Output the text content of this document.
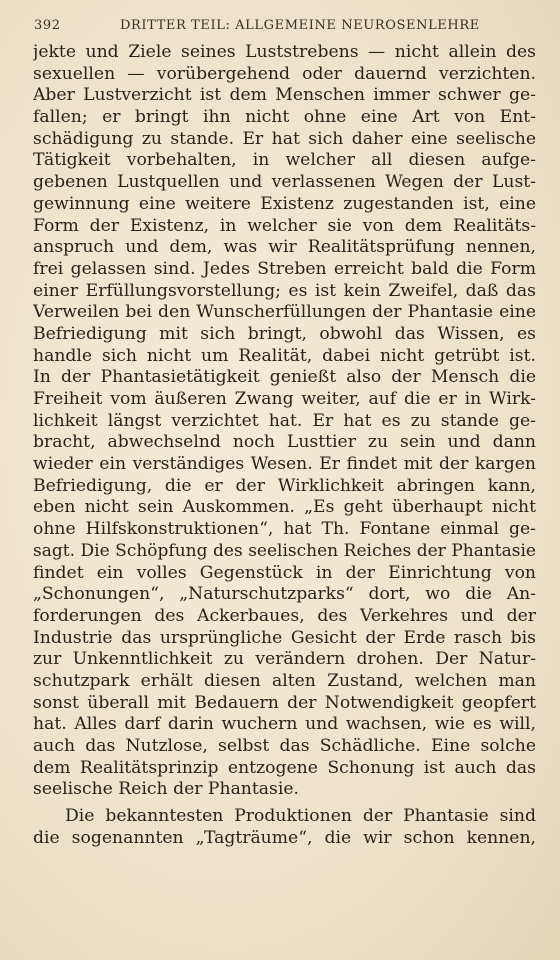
392	DRITTER TEIL: ALLGEMEINE NEUROSENLEHRE
jekte und Ziele seines Luststrebens — nicht allein des
sexuellen — vorübergehend oder dauernd verzichten.
Aber Lustverzicht ist dem Menschen immer schwer ge-
fallen; er bringt ihn nicht ohne eine Art von Ent-
schädigung zu stande. Er hat sich daher eine seelische
Tätigkeit vorbehalten, in welcher all diesen aufge-
gebenen Lustquellen und verlassenen Wegen der Lust-
gewinnung eine weitere Existenz zugestanden ist, eine
Form der Existenz, in welcher sie von dem Realitäts-
anspruch und dem, was wir Realitätsprüfung nennen,
frei gelassen sind. Jedes Streben erreicht bald die Form
einer Erfüllungsvorstellung; es ist kein Zweifel, daß das
Verweilen bei den Wunscherfüllungen der Phantasie eine
Befriedigung mit sich bringt, obwohl das Wissen, es
handle sich nicht um Realität, dabei nicht getrübt ist.
In der Phantasietätigkeit genießt also der Mensch die
Freiheit vom äußeren Zwang weiter, auf die er in Wirk-
lichkeit längst verzichtet hat. Er hat es zu stande ge-
bracht, abwechselnd noch Lusttier zu sein und dann
wieder ein verständiges Wesen. Er findet mit der kargen
Befriedigung, die er der Wirklichkeit abringen kann,
eben nicht sein Auskommen. „Es geht überhaupt nicht
ohne Hilfskonstruktionen“, hat Th. Fontane einmal ge-
sagt. Die Schöpfung des seelischen Reiches der Phantasie
findet ein volles Gegenstück in der Einrichtung von
„Schonungen“, „Naturschutzparks“ dort, wo die An-
forderungen des Ackerbaues, des Verkehres und der
Industrie das ursprüngliche Gesicht der Erde rasch bis
zur Unkenntlichkeit zu verändern drohen. Der Natur-
schutzpark erhält diesen alten Zustand, welchen man
sonst überall mit Bedauern der Notwendigkeit geopfert
hat. Alles darf darin wuchern und wachsen, wie es will,
auch das Nutzlose, selbst das Schädliche. Eine solche
dem Realitätsprinzip entzogene Schonung ist auch das
seelische Reich der Phantasie.
Die bekanntesten Produktionen der Phantasie sind
die sogenannten „Tagträume“, die wir schon kennen,
